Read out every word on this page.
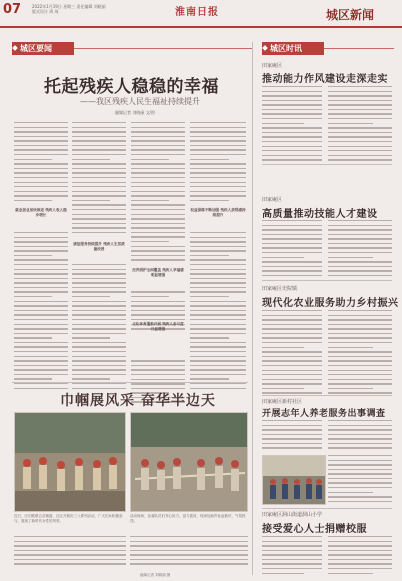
07	2022年1月19日 星期三 责任编辑 刘晓丽 版式设计 周 琦	淮南日报	城区新闻
城区要闻	城区时讯
托起残疾人稳稳的幸福
——我区残疾人民生福祉持续提升
融媒记者 刘晓丽 文/图
就业创业加快推进 残疾人收入稳步增长
康复服务持续提升 残疾人生活质量改善
托养照护全面覆盖 残疾人幸福感明显增强
文化体育蓬勃开展 残疾人参与度日益增强
权益保障不断加强 残疾人获得感持续提升
巾帼展风采 奋华半边天
近日，区妇联联合各街道、社区开展庆三八系列活动，广大妇女积极参与，展现了新时代女性的风采。
活动现场，参赛队员们齐心协力，奋力拔河，现场加油声此起彼伏，气氛热烈。
融媒记者 刘晓丽 摄
田家庵区
推动能力作风建设走深走实
田家庵区
高质量推动技能人才建设
田家庵区史院镇
现代化农业服务助力乡村振兴
田家庵区新村社区
开展志年人养老服务出事调查
田家庵区洞山街道洞山小学
接受爱心人士捐赠校服
